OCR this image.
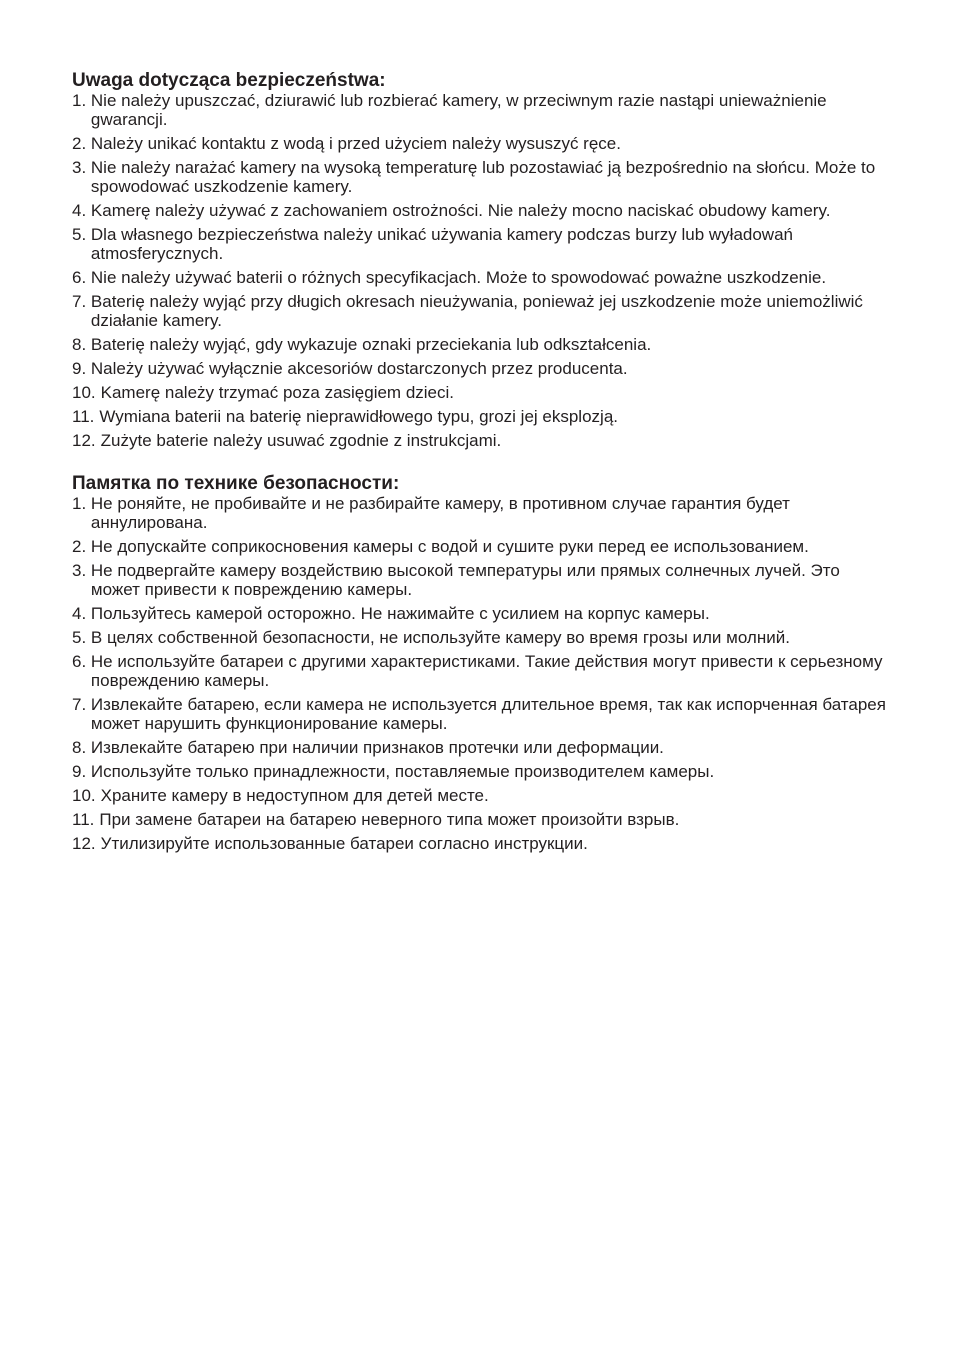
Uwaga dotycząca bezpieczeństwa:
1. Nie należy upuszczać, dziurawić lub rozbierać kamery, w przeciwnym razie nastąpi unieważnienie gwarancji.
2. Należy unikać kontaktu z wodą i przed użyciem należy wysuszyć ręce.
3. Nie należy narażać kamery na wysoką temperaturę lub pozostawiać ją bezpośrednio na słońcu. Może to spowodować uszkodzenie kamery.
4. Kamerę należy używać z zachowaniem ostrożności. Nie należy mocno naciskać obudowy kamery.
5. Dla własnego bezpieczeństwa należy unikać używania kamery podczas burzy lub wyładowań atmosferycznych.
6. Nie należy używać baterii o różnych specyfikacjach. Może to spowodować poważne uszkodzenie.
7. Baterię należy wyjąć przy długich okresach nieużywania, ponieważ jej uszkodzenie może uniemożliwić działanie kamery.
8. Baterię należy wyjąć, gdy wykazuje oznaki przeciekania lub odkształcenia.
9. Należy używać wyłącznie akcesoriów dostarczonych przez producenta.
10. Kamerę należy trzymać poza zasięgiem dzieci.
11. Wymiana baterii na baterię nieprawidłowego typu, grozi jej eksplozją.
12. Zużyte baterie należy usuwać zgodnie z instrukcjami.
Памятка по технике безопасности:
1. Не роняйте, не пробивайте и не разбирайте камеру, в противном случае гарантия будет аннулирована.
2. Не допускайте соприкосновения камеры с водой и сушите руки перед ее использованием.
3. Не подвергайте камеру воздействию высокой температуры или прямых солнечных лучей. Это может привести к повреждению камеры.
4. Пользуйтесь камерой осторожно. Не нажимайте с усилием на корпус камеры.
5. В целях собственной безопасности, не используйте камеру во время грозы или молний.
6. Не используйте батареи с другими характеристиками. Такие действия могут привести к серьезному повреждению камеры.
7. Извлекайте батарею, если камера не используется длительное время, так как испорченная батарея может нарушить функционирование камеры.
8. Извлекайте батарею при наличии признаков протечки или деформации.
9. Используйте только принадлежности, поставляемые производителем камеры.
10. Храните камеру в недоступном для детей месте.
11. При замене батареи на батарею неверного типа может произойти взрыв.
12. Утилизируйте использованные батареи согласно инструкции.
